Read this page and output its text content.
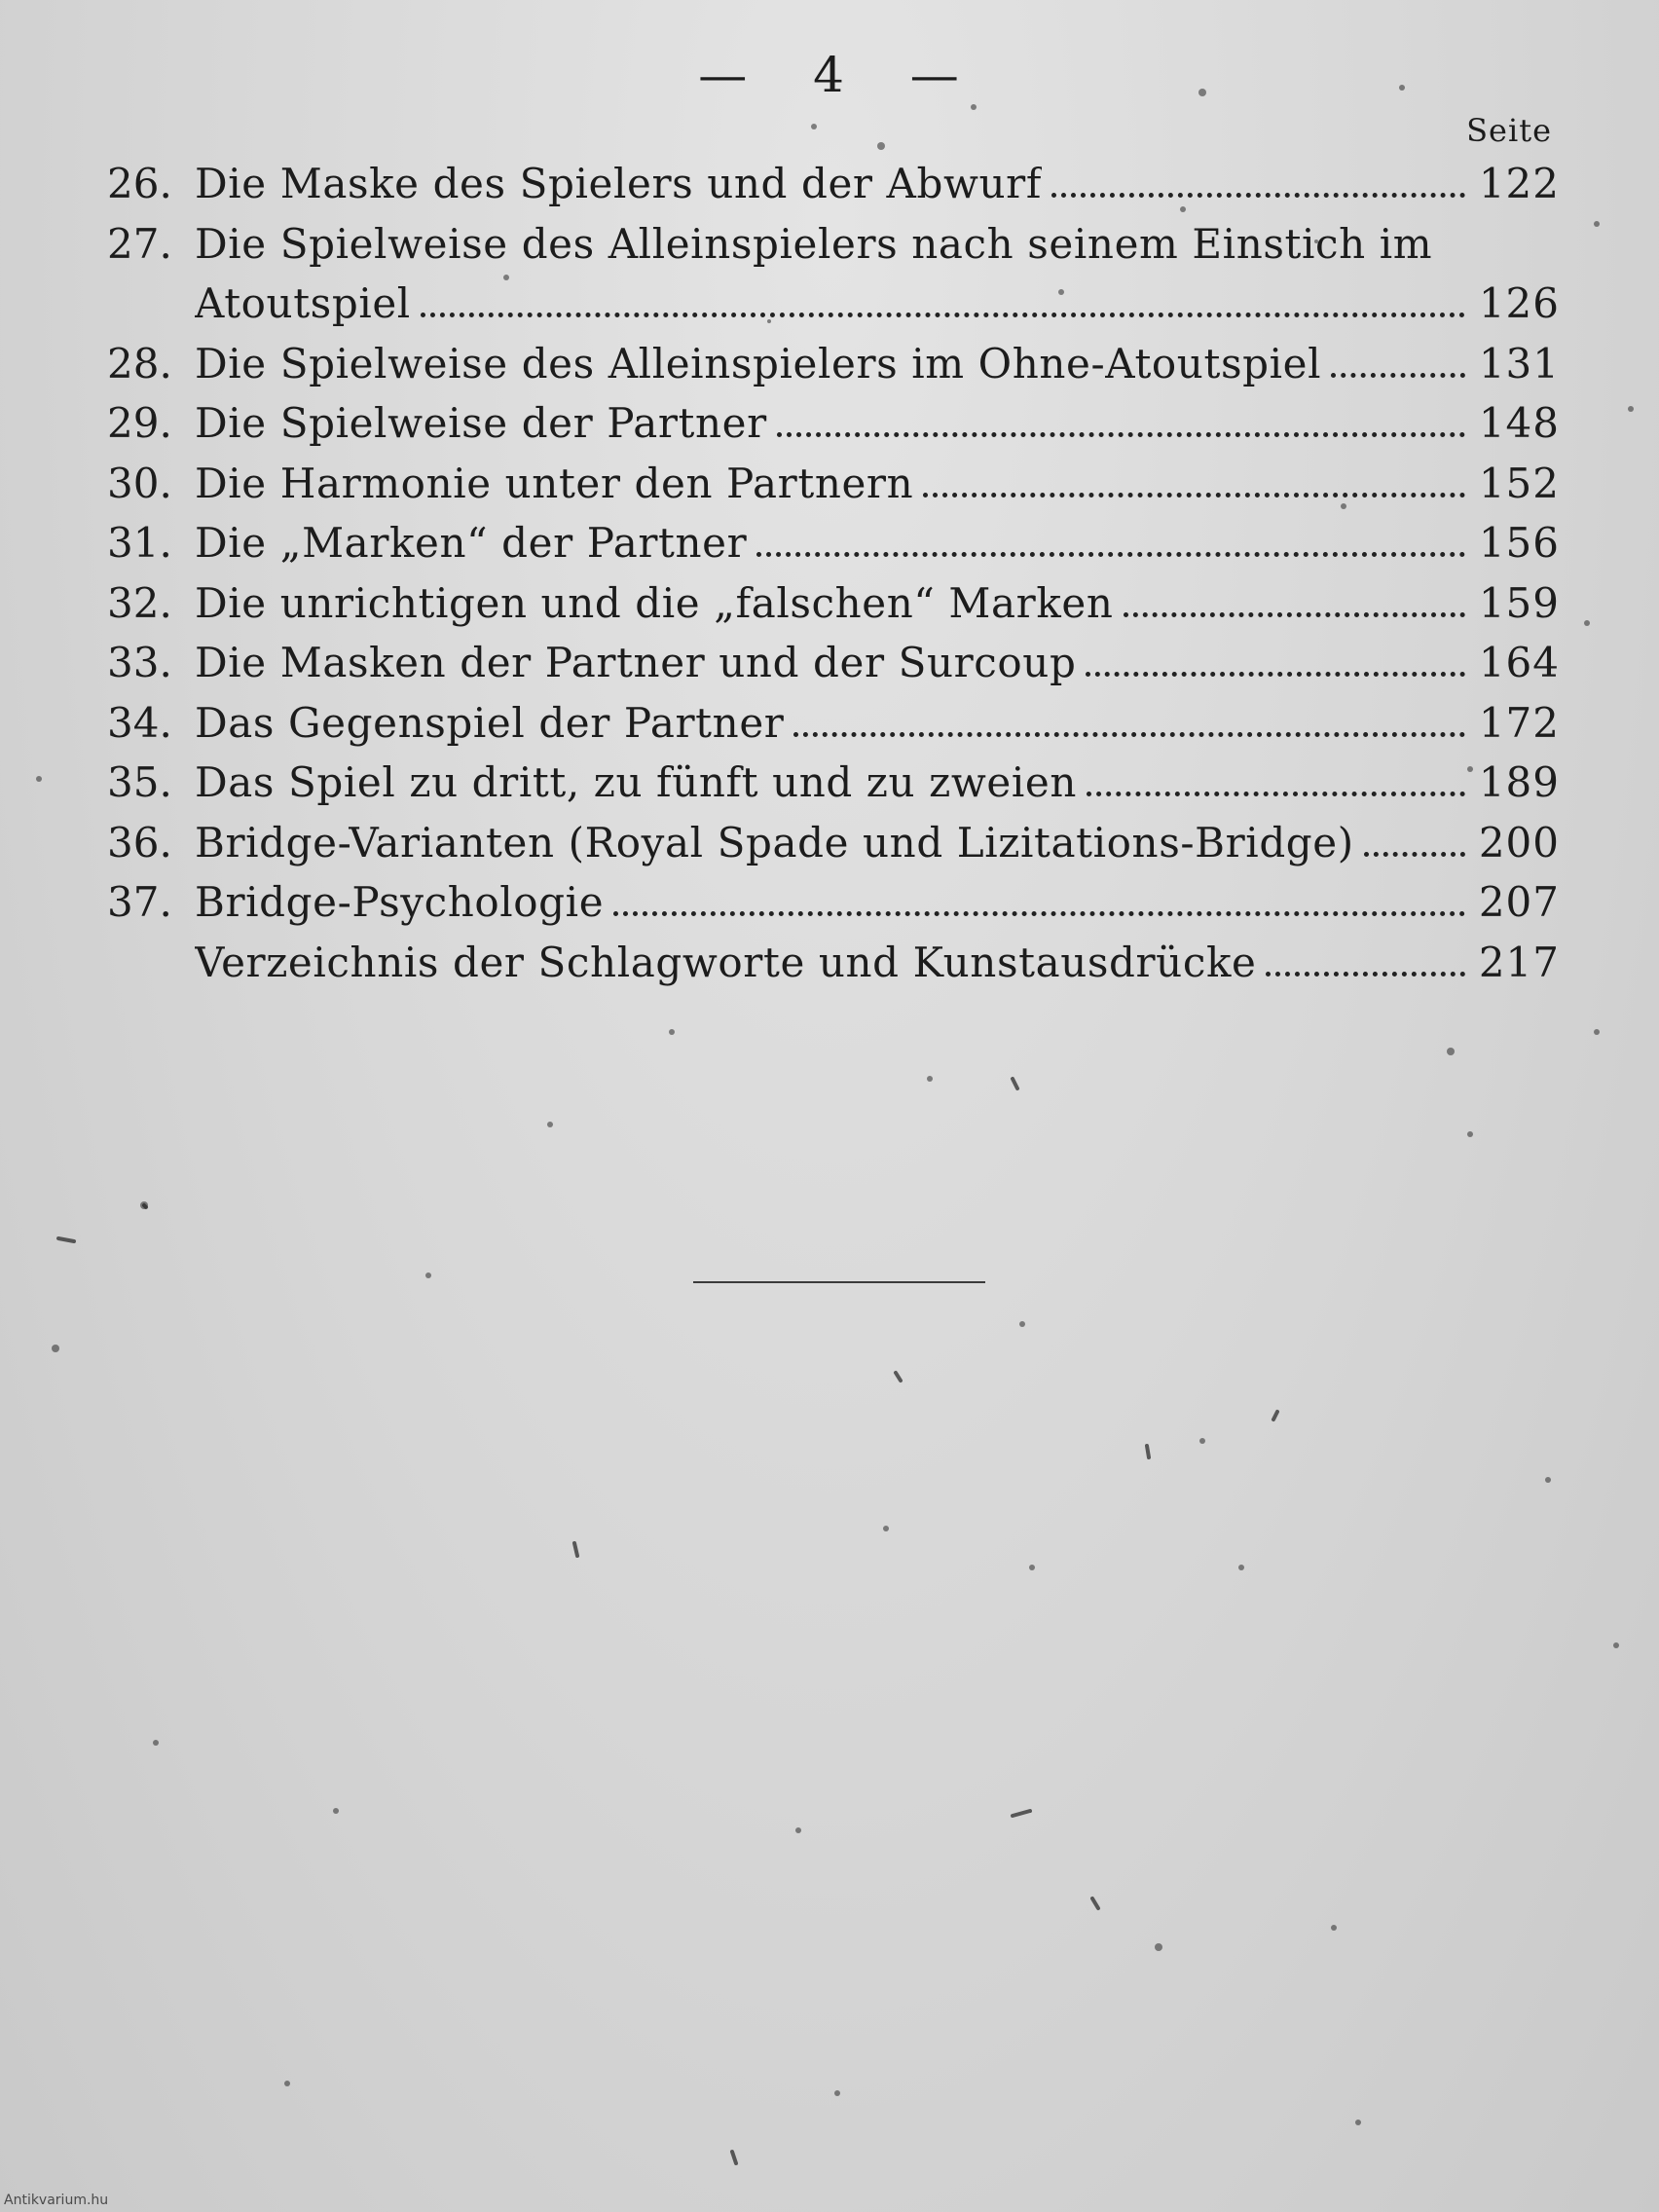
— 4 —
Seite
26. Die Maske des Spielers und der Abwurf	122
27. Die Spielweise des Alleinspielers nach seinem Einstich im
Atoutspiel	126
28. Die Spielweise des Alleinspielers im Ohne-Atoutspiel	131
29. Die Spielweise der Partner	148
30. Die Harmonie unter den Partnern	152
31. Die „Marken“ der Partner	156
32. Die unrichtigen und die „falschen“ Marken	159
33. Die Masken der Partner und der Surcoup	164
34. Das Gegenspiel der Partner	172
35. Das Spiel zu dritt, zu fünft und zu zweien	189
36. Bridge-Varianten (Royal Spade und Lizitations-Bridge)	200
37. Bridge-Psychologie	207
Verzeichnis der Schlagworte und Kunstausdrücke	217
Antikvarium.hu
